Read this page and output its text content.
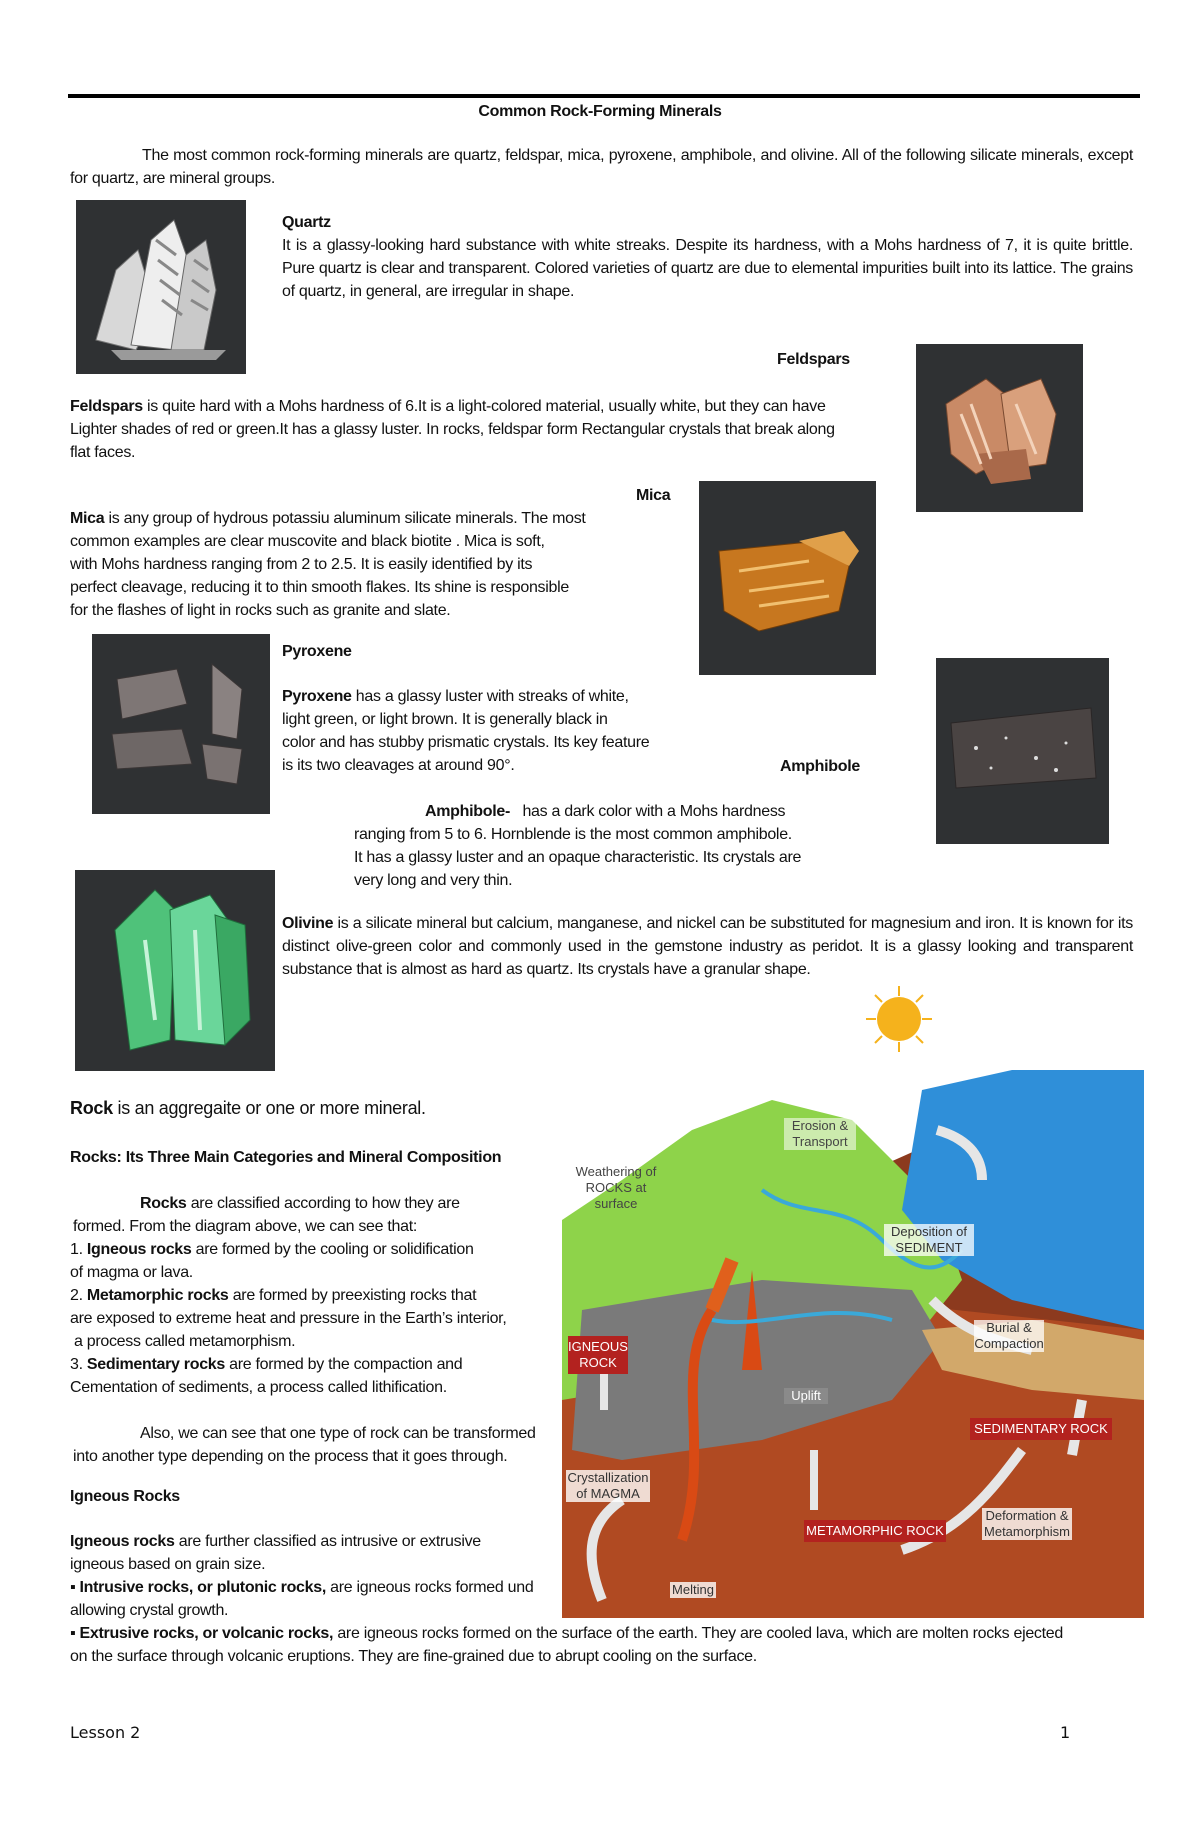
Common Rock-Forming Minerals
The most common rock-forming minerals are quartz, feldspar, mica, pyroxene, amphibole, and olivine. All of the following silicate minerals, except for quartz, are mineral groups.
Quartz
It is a glassy-looking hard substance with white streaks. Despite its hardness, with a Mohs hardness of 7, it is quite brittle. Pure quartz is clear and transparent. Colored varieties of quartz are due to elemental impurities built into its lattice. The grains of quartz, in general, are irregular in shape.
Feldspars
Feldspars is quite hard with a Mohs hardness of 6.It is a light-colored material, usually white, but they can have
Lighter shades of red or green.It has a glassy luster. In rocks, feldspar form Rectangular crystals that break along
flat faces.
Mica
Mica is any group of hydrous potassiu aluminum silicate minerals. The most
common examples are clear muscovite and black biotite . Mica is soft,
with Mohs hardness ranging from 2 to 2.5. It is easily identified by its
perfect cleavage, reducing it to thin smooth flakes. Its shine is responsible
for the flashes of light in rocks such as granite and slate.
Pyroxene
Pyroxene has a glassy luster with streaks of white,
light green, or light brown. It is generally black in
color and has stubby prismatic crystals. Its key feature
is its two cleavages at around 90°.	Amphibole
Amphibole- has a dark color with a Mohs hardness
ranging from 5 to 6. Hornblende is the most common amphibole.
It has a glassy luster and an opaque characteristic. Its crystals are
very long and very thin.
Olivine is a silicate mineral but calcium, manganese, and nickel can be substituted for magnesium and iron. It is known for its distinct olive-green color and commonly used in the gemstone industry as peridot. It is a glassy looking and transparent substance that is almost as hard as quartz. Its crystals have a granular shape.
Rock is an aggregaite or one or more mineral.
Rocks: Its Three Main Categories and Mineral Composition
Rocks are classified according to how they are
formed. From the diagram above, we can see that:
1. Igneous rocks are formed by the cooling or solidification
of magma or lava.
2. Metamorphic rocks are formed by preexisting rocks that
are exposed to extreme heat and pressure in the Earth’s interior,
a process called metamorphism.
3. Sedimentary rocks are formed by the compaction and
Cementation of sediments, a process called lithification.
Also, we can see that one type of rock can be transformed
into another type depending on the process that it goes through.
Igneous Rocks
Igneous rocks are further classified as intrusive or extrusive
igneous based on grain size.
▪ Intrusive rocks, or plutonic rocks, are igneous rocks formed und
allowing crystal growth.
Weathering of ROCKS at surface
Erosion & Transport
Deposition of SEDIMENT
Burial & Compaction
SEDIMENTARY ROCK
Deformation & Metamorphism
METAMORPHIC ROCK
Melting
Crystallization of MAGMA
IGNEOUS ROCK
Uplift
▪ Extrusive rocks, or volcanic rocks, are igneous rocks formed on the surface of the earth. They are cooled lava, which are molten rocks ejected
on the surface through volcanic eruptions. They are fine-grained due to abrupt cooling on the surface.
Lesson 2	1
